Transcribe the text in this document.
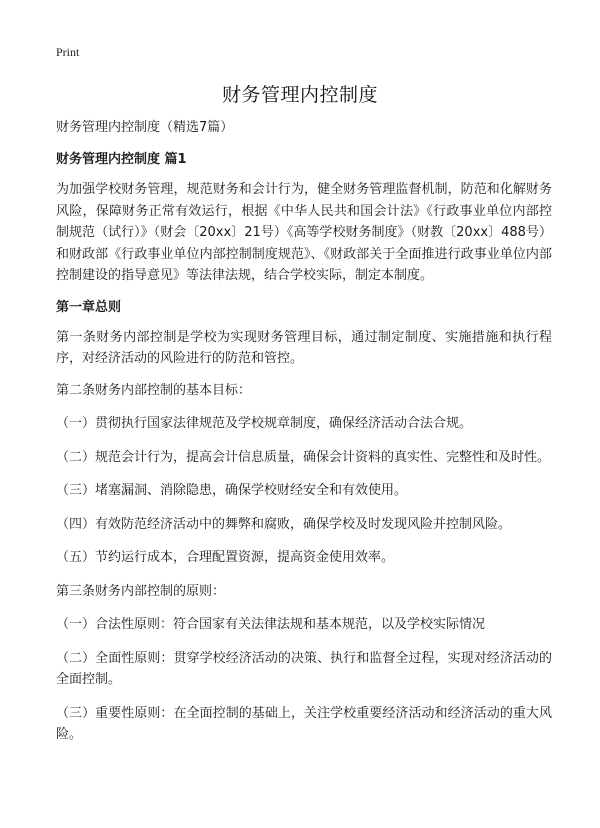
Print
财务管理内控制度
财务管理内控制度（精选7篇）
财务管理内控制度 篇1
为加强学校财务管理，规范财务和会计行为，健全财务管理监督机制，防范和化解财务风险，保障财务正常有效运行，根据《中华人民共和国会计法》《行政事业单位内部控制规范（试行）》（财会〔20xx〕21号）《高等学校财务制度》（财教〔20xx〕488号）和财政部《行政事业单位内部控制制度规范》、《财政部关于全面推进行政事业单位内部控制建设的指导意见》等法律法规，结合学校实际，制定本制度。
第一章总则
第一条财务内部控制是学校为实现财务管理目标，通过制定制度、实施措施和执行程序，对经济活动的风险进行的防范和管控。
第二条财务内部控制的基本目标：
（一）贯彻执行国家法律规范及学校规章制度，确保经济活动合法合规。
（二）规范会计行为，提高会计信息质量，确保会计资料的真实性、完整性和及时性。
（三）堵塞漏洞、消除隐患，确保学校财经安全和有效使用。
（四）有效防范经济活动中的舞弊和腐败，确保学校及时发现风险并控制风险。
（五）节约运行成本，合理配置资源，提高资金使用效率。
第三条财务内部控制的原则：
（一）合法性原则：符合国家有关法律法规和基本规范，以及学校实际情况
（二）全面性原则：贯穿学校经济活动的决策、执行和监督全过程，实现对经济活动的全面控制。
（三）重要性原则：在全面控制的基础上，关注学校重要经济活动和经济活动的重大风险。
